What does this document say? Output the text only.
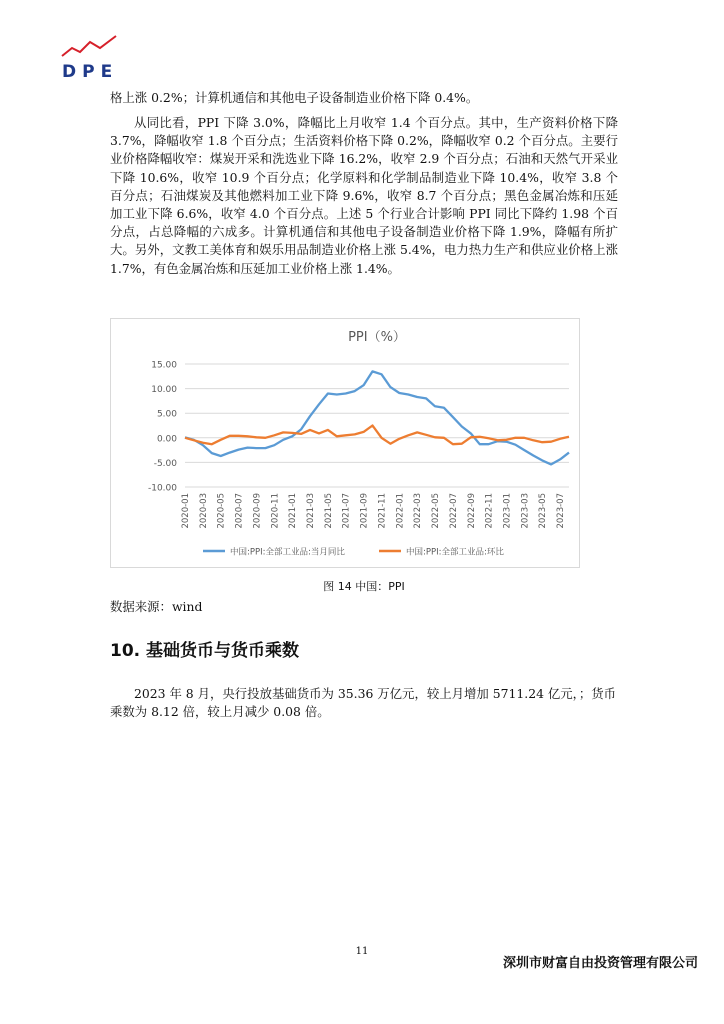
DPE
格上涨 0.2%；计算机通信和其他电子设备制造业价格下降 0.4%。
从同比看，PPI 下降 3.0%，降幅比上月收窄 1.4 个百分点。其中，生产资料价格下降 3.7%，降幅收窄 1.8 个百分点；生活资料价格下降 0.2%，降幅收窄 0.2 个百分点。主要行业价格降幅收窄：煤炭开采和洗选业下降 16.2%，收窄 2.9 个百分点；石油和天然气开采业下降 10.6%，收窄 10.9 个百分点；化学原料和化学制品制造业下降 10.4%，收窄 3.8 个百分点；石油煤炭及其他燃料加工业下降 9.6%，收窄 8.7 个百分点；黑色金属冶炼和压延加工业下降 6.6%，收窄 4.0 个百分点。上述 5 个行业合计影响 PPI 同比下降约 1.98 个百分点，占总降幅的六成多。计算机通信和其他电子设备制造业价格下降 1.9%，降幅有所扩大。另外，文教工美体育和娱乐用品制造业价格上涨 5.4%，电力热力生产和供应业价格上涨 1.7%，有色金属冶炼和压延加工业价格上涨 1.4%。
PPI（%）
15.00
10.00
5.00
0.00
-5.00
-10.00
2020-01 2020-03 2020-05 2020-07 2020-09 2020-11 2021-01 2021-03 2021-05 2021-07 2021-09 2021-11 2022-01 2022-03 2022-05 2022-07 2022-09 2022-11 2023-01 2023-03 2023-05 2023-07
中国:PPI:全部工业品:当月同比	中国:PPI:全部工业品:环比
图 14 中国：PPI
数据来源：wind
10. 基础货币与货币乘数
2023 年 8 月，央行投放基础货币为 35.36 万亿元，较上月增加 5711.24 亿元，；货币乘数为 8.12 倍，较上月减少 0.08 倍。
11
深圳市财富自由投资管理有限公司
